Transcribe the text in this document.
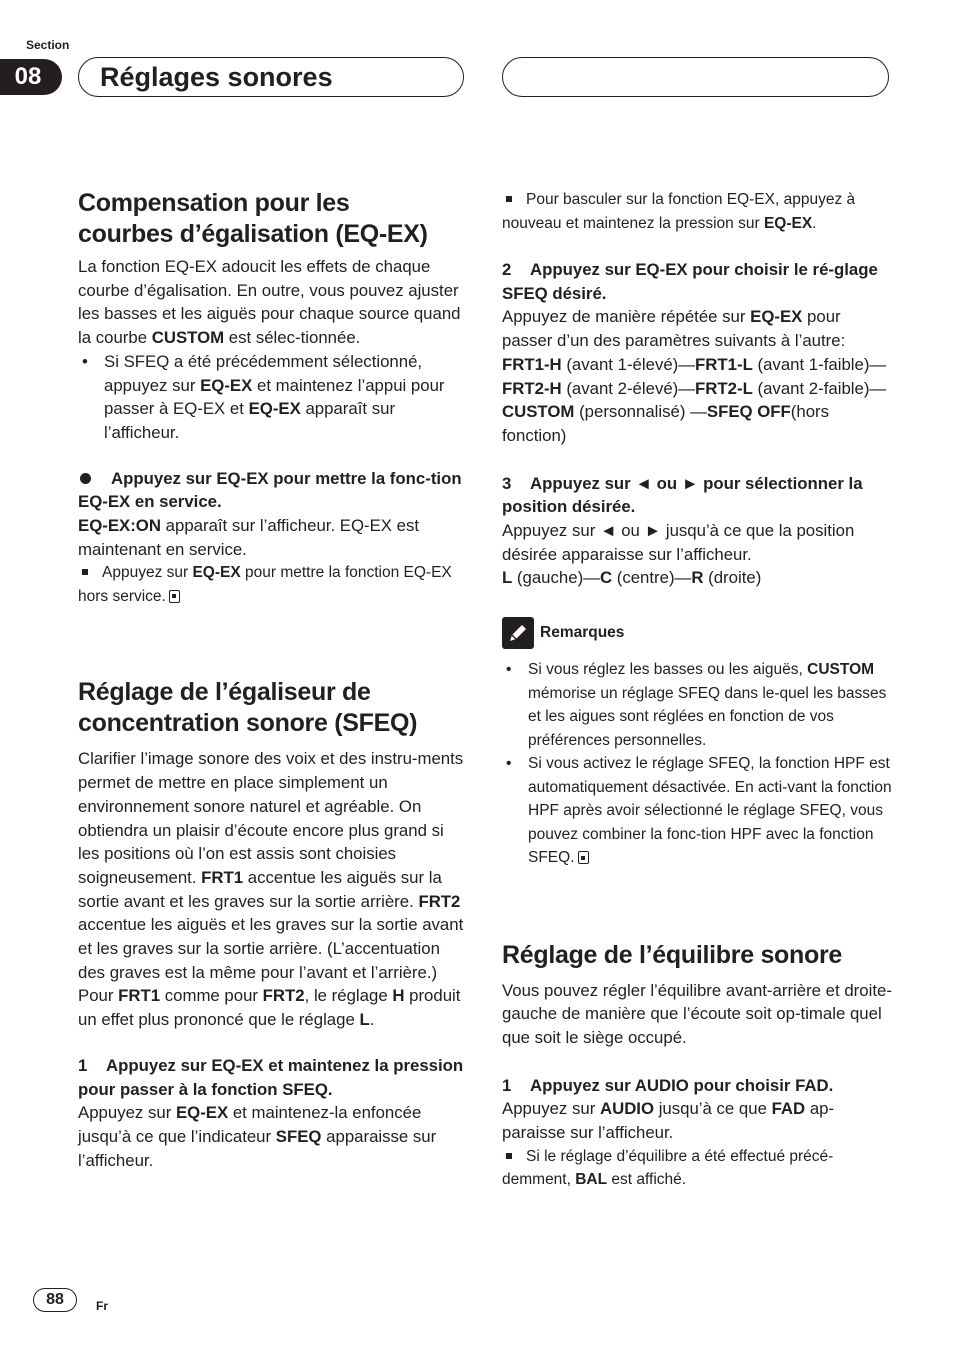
Section
08	Réglages sonores
Compensation pour les
courbes d’égalisation (EQ-EX)

La fonction EQ-EX adoucit les effets de chaque courbe d’égalisation. En outre, vous pouvez ajuster les basses et les aiguës pour chaque source quand la courbe CUSTOM est sélec-tionnée.

• Si SFEQ a été précédemment sélectionné, appuyez sur EQ-EX et maintenez l’appui pour passer à EQ-EX et EQ-EX apparaît sur l’afficheur.

Appuyez sur EQ-EX pour mettre la fonc-tion EQ-EX en service.

EQ-EX:ON apparaît sur l’afficheur. EQ-EX est maintenant en service.

Appuyez sur EQ-EX pour mettre la fonction EQ-EX hors service.

Réglage de l’égaliseur de
concentration sonore (SFEQ)

Clarifier l’image sonore des voix et des instru-ments permet de mettre en place simplement un environnement sonore naturel et agréable. On obtiendra un plaisir d’écoute encore plus grand si les positions où l’on est assis sont choisies soigneusement. FRT1 accentue les aiguës sur la sortie avant et les graves sur la sortie arrière. FRT2 accentue les aiguës et les graves sur la sortie avant et les graves sur la sortie arrière. (L’accentuation des graves est la même pour l’avant et l’arrière.) Pour FRT1 comme pour FRT2, le réglage H produit un effet plus prononcé que le réglage L.

1 Appuyez sur EQ-EX et maintenez la pression pour passer à la fonction SFEQ.

Appuyez sur EQ-EX et maintenez-la enfoncée jusqu’à ce que l’indicateur SFEQ apparaisse sur l’afficheur.

Pour basculer sur la fonction EQ-EX, appuyez à nouveau et maintenez la pression sur EQ-EX.

2 Appuyez sur EQ-EX pour choisir le ré-glage SFEQ désiré.

Appuyez de manière répétée sur EQ-EX pour passer d’un des paramètres suivants à l’autre: FRT1-H (avant 1-élevé)—FRT1-L (avant 1-faible)—FRT2-H (avant 2-élevé)—FRT2-L (avant 2-faible)—CUSTOM (personnalisé) —SFEQ OFF(hors fonction)

3 Appuyez sur ◄ ou ► pour sélectionner la position désirée.

Appuyez sur ◄ ou ► jusqu’à ce que la position désirée apparaisse sur l’afficheur.

L (gauche)—C (centre)—R (droite)

Remarques
• Si vous réglez les basses ou les aiguës, CUSTOM mémorise un réglage SFEQ dans le-quel les basses et les aigues sont réglées en fonction de vos préférences personnelles.
• Si vous activez le réglage SFEQ, la fonction HPF est automatiquement désactivée. En acti-vant la fonction HPF après avoir sélectionné le réglage SFEQ, vous pouvez combiner la fonc-tion HPF avec la fonction SFEQ.
Réglage de l’équilibre sonore

Vous pouvez régler l’équilibre avant-arrière et droite-gauche de manière que l’écoute soit op-timale quel que soit le siège occupé.

1 Appuyez sur AUDIO pour choisir FAD.

Appuyez sur AUDIO jusqu’à ce que FAD ap-paraisse sur l’afficheur.

Si le réglage d’équilibre a été effectué précé-demment, BAL est affiché.

88	Fr
